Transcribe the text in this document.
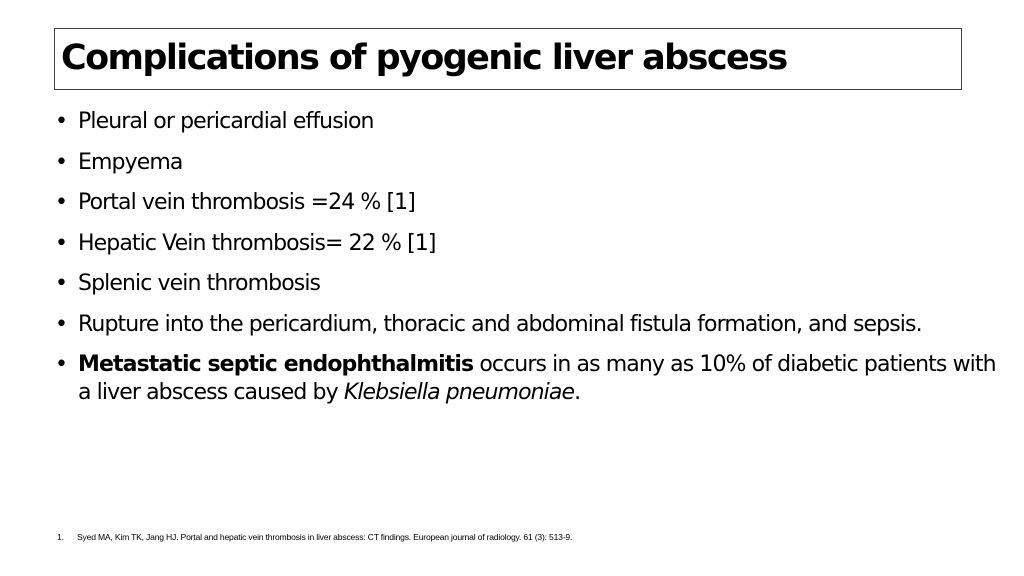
Complications of pyogenic liver abscess
• Pleural or pericardial effusion
• Empyema
• Portal vein thrombosis =24 % [1]
• Hepatic Vein thrombosis= 22 % [1]
• Splenic vein thrombosis
• Rupture into the pericardium, thoracic and abdominal fistula formation, and sepsis.
• Metastatic septic endophthalmitis occurs in as many as 10% of diabetic patients with a liver abscess caused by Klebsiella pneumoniae.
1. Syed MA, Kim TK, Jang HJ. Portal and hepatic vein thrombosis in liver abscess: CT findings. European journal of radiology. 61 (3): 513-9.
